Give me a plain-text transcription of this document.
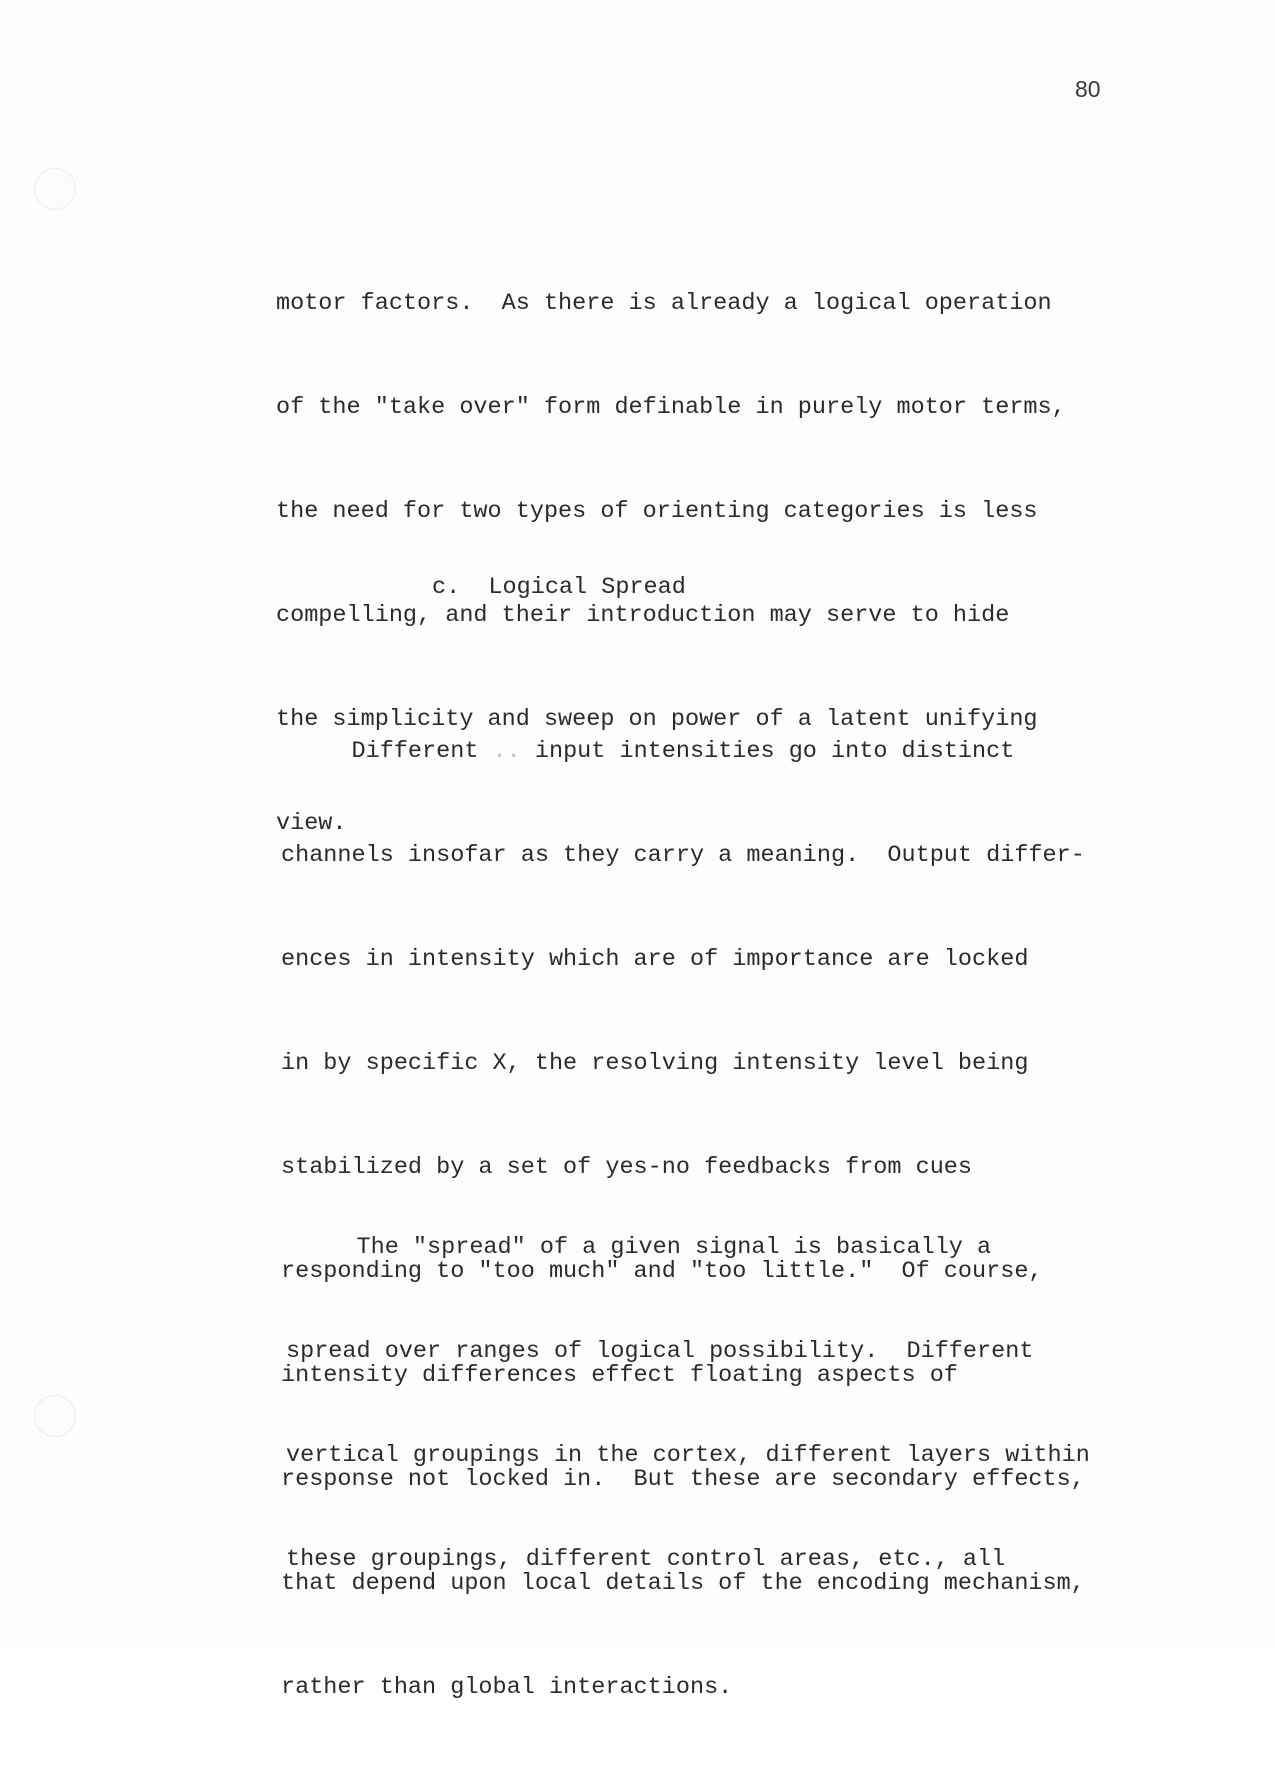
80

motor factors.  As there is already a logical operation

of the "take over" form definable in purely motor terms,

the need for two types of orienting categories is less

compelling, and their introduction may serve to hide

the simplicity and sweep on power of a latent unifying

view.

c.  Logical Spread

Different .. input intensities go into distinct

channels insofar as they carry a meaning.  Output differ-

ences in intensity which are of importance are locked

in by specific X, the resolving intensity level being

stabilized by a set of yes-no feedbacks from cues

responding to "too much" and "too little."  Of course,

intensity differences effect floating aspects of

response not locked in.  But these are secondary effects,

that depend upon local details of the encoding mechanism,

rather than global interactions.

The "spread" of a given signal is basically a

spread over ranges of logical possibility.  Different

vertical groupings in the cortex, different layers within

these groupings, different control areas, etc., all
